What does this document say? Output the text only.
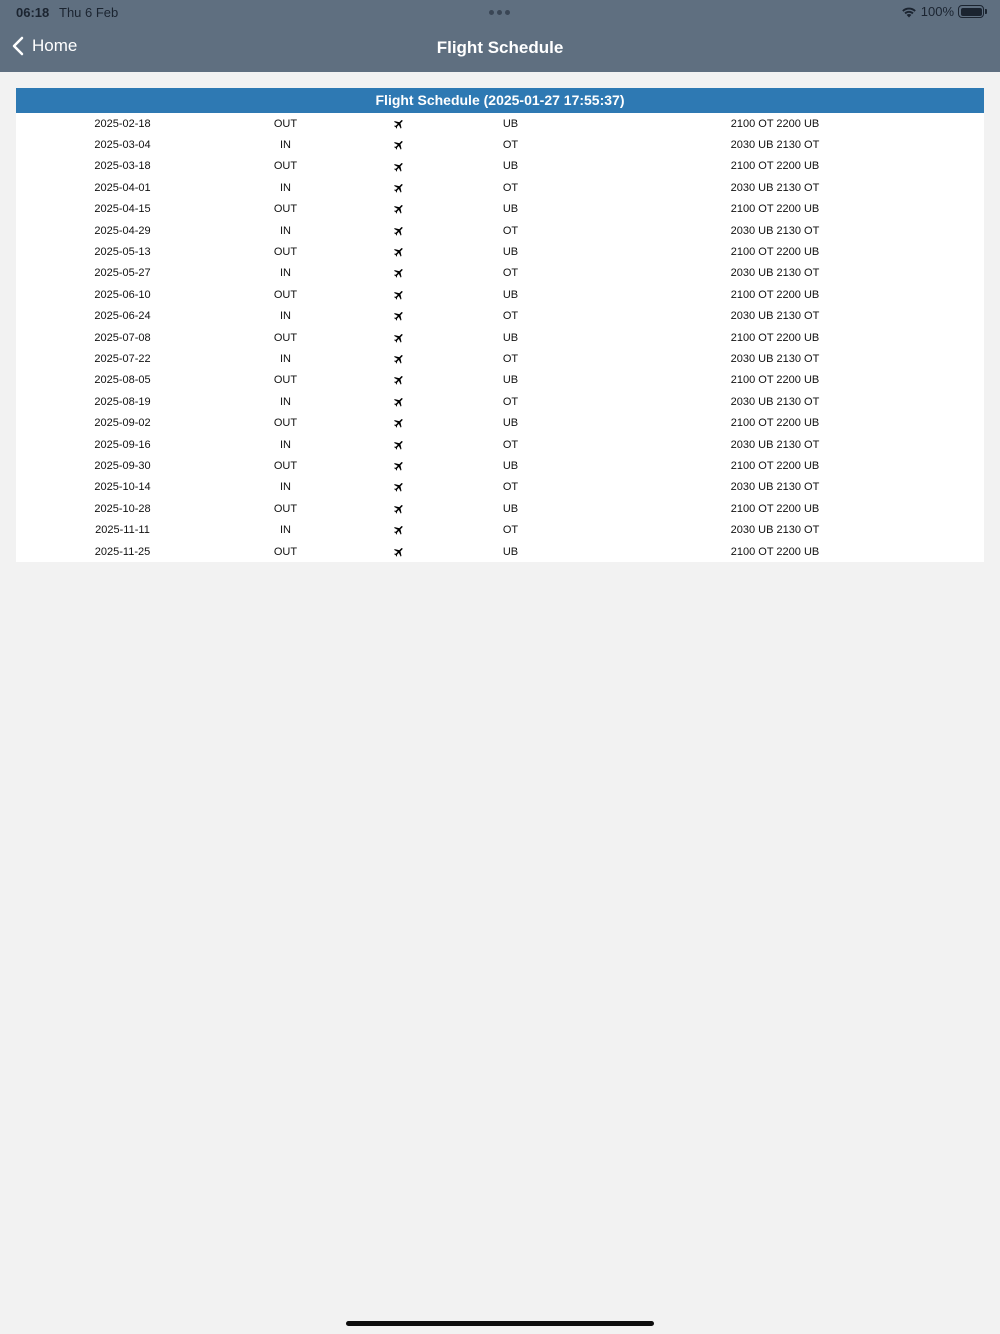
06:18 Thu 6 Feb	100%
Home	Flight Schedule
Flight Schedule (2025-01-27 17:55:37)
2025-02-18	OUT		UB	2100 OT 2200 UB
2025-03-04	IN		OT	2030 UB 2130 OT
2025-03-18	OUT		UB	2100 OT 2200 UB
2025-04-01	IN		OT	2030 UB 2130 OT
2025-04-15	OUT		UB	2100 OT 2200 UB
2025-04-29	IN		OT	2030 UB 2130 OT
2025-05-13	OUT		UB	2100 OT 2200 UB
2025-05-27	IN		OT	2030 UB 2130 OT
2025-06-10	OUT		UB	2100 OT 2200 UB
2025-06-24	IN		OT	2030 UB 2130 OT
2025-07-08	OUT		UB	2100 OT 2200 UB
2025-07-22	IN		OT	2030 UB 2130 OT
2025-08-05	OUT		UB	2100 OT 2200 UB
2025-08-19	IN		OT	2030 UB 2130 OT
2025-09-02	OUT		UB	2100 OT 2200 UB
2025-09-16	IN		OT	2030 UB 2130 OT
2025-09-30	OUT		UB	2100 OT 2200 UB
2025-10-14	IN		OT	2030 UB 2130 OT
2025-10-28	OUT		UB	2100 OT 2200 UB
2025-11-11	IN		OT	2030 UB 2130 OT
2025-11-25	OUT		UB	2100 OT 2200 UB
